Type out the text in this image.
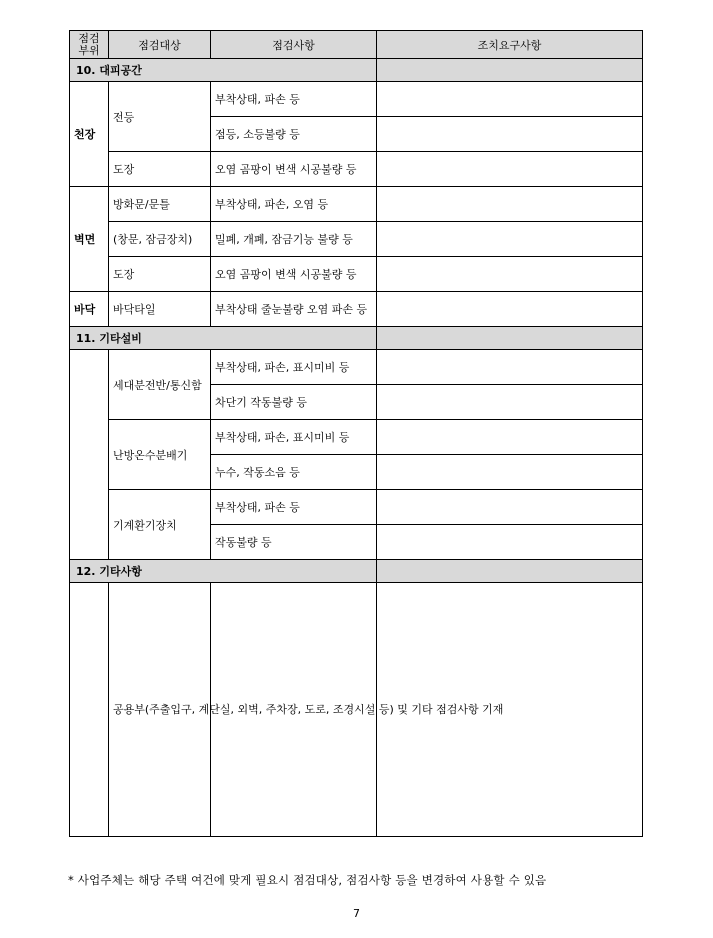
점검
부위	점검대상	점검사항	조치요구사항
10. 대피공간			
천장	전등	부착상태, 파손 등	
		점등, 소등불량 등	
	도장	오염 곰팡이 변색 시공불량 등	
벽면	방화문/문틀	부착상태, 파손, 오염 등	
	(창문, 잠금장치)	밀폐, 개폐, 잠금기능 불량 등	
	도장	오염 곰팡이 변색 시공불량 등	
바닥	바닥타일	부착상태 줄눈불량 오염 파손 등	
11. 기타설비			
	세대분전반/통신함	부착상태, 파손, 표시미비 등	
		차단기 작동불량 등	
	난방온수분배기	부착상태, 파손, 표시미비 등	
		누수, 작동소음 등	
	기계환기장치	부착상태, 파손 등	
		작동불량 등	
12. 기타사항			
	공용부(주출입구, 계단실, 외벽, 주차장, 도로, 조경시설 등) 및 기타 점검사항 기재		
* 사업주체는 해당 주택 여건에 맞게 필요시 점검대상, 점검사항 등을 변경하여 사용할 수 있음
7
